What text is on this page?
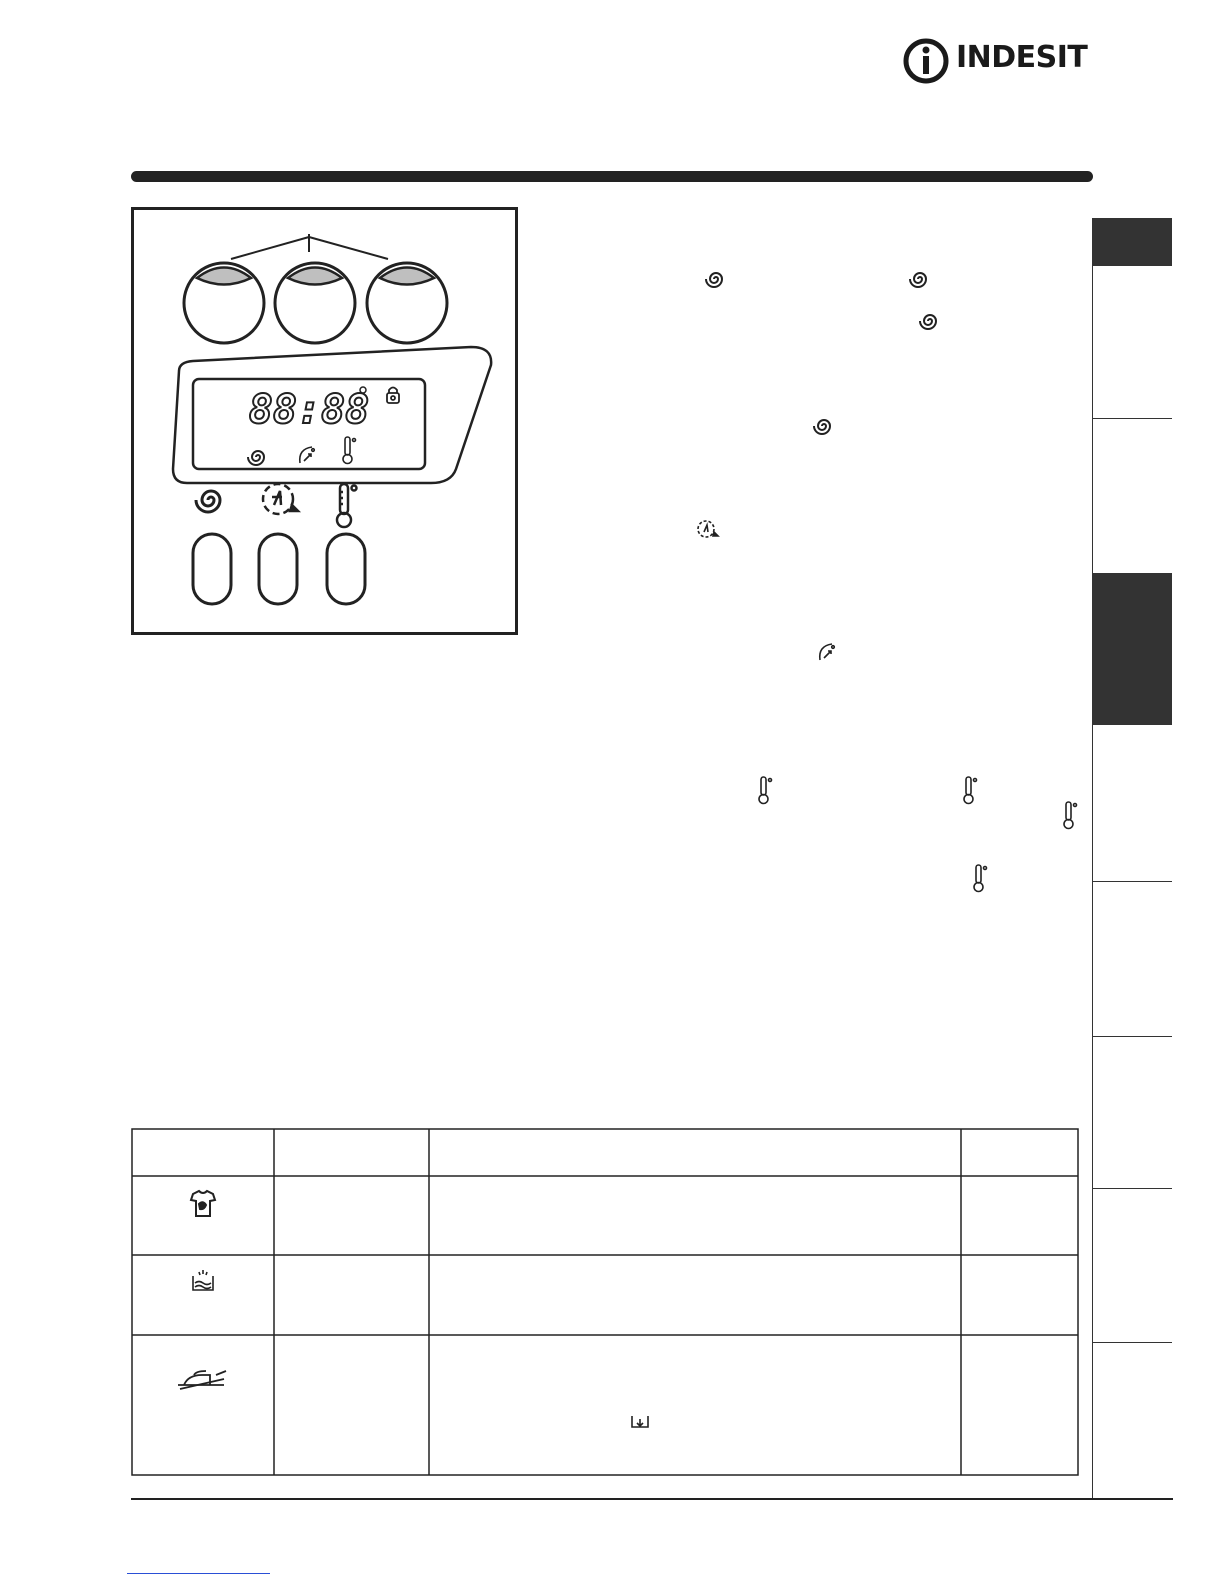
INDESIT
88:88
